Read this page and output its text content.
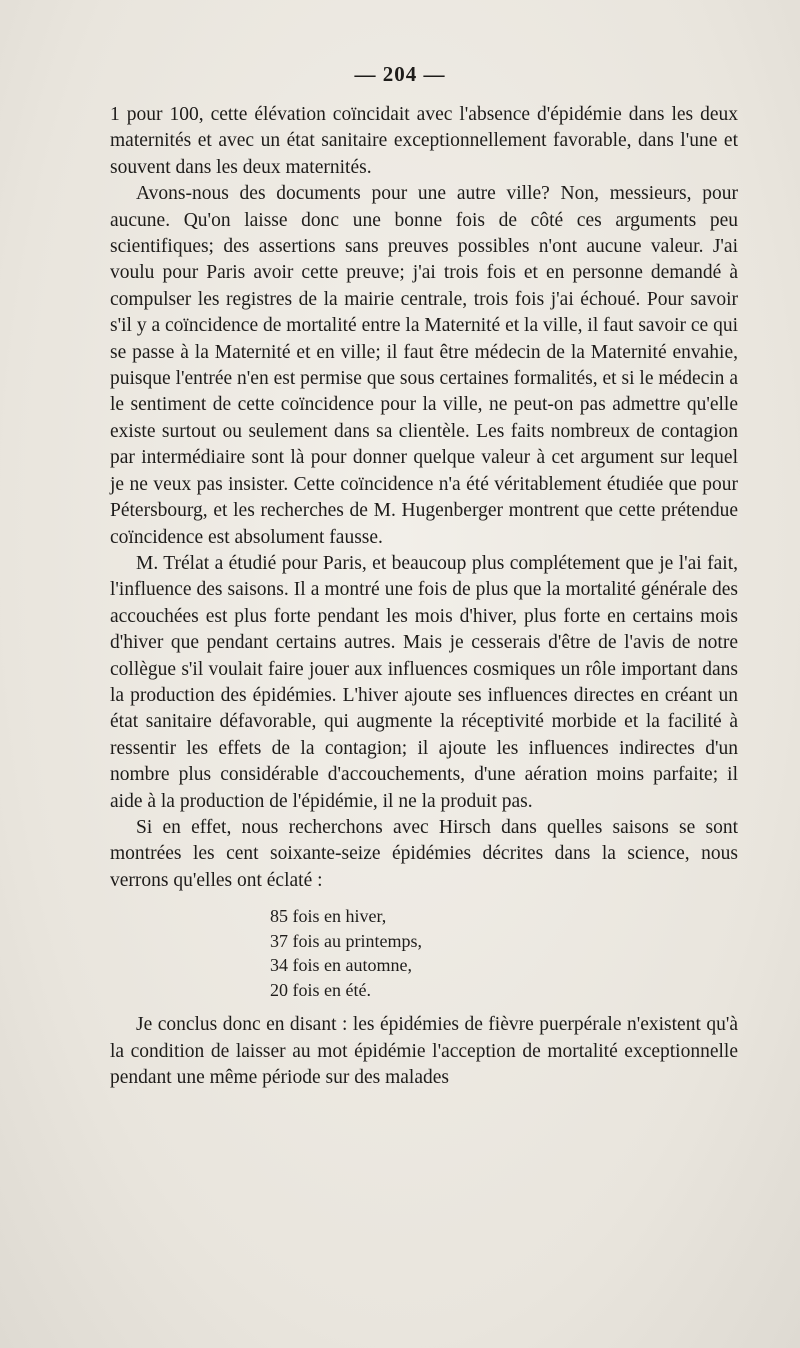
— 204 —

1 pour 100, cette élévation coïncidait avec l'absence d'épidémie dans les deux maternités et avec un état sanitaire exceptionnellement favorable, dans l'une et souvent dans les deux maternités.

Avons-nous des documents pour une autre ville? Non, messieurs, pour aucune. Qu'on laisse donc une bonne fois de côté ces arguments peu scientifiques; des assertions sans preuves possibles n'ont aucune valeur. J'ai voulu pour Paris avoir cette preuve; j'ai trois fois et en personne demandé à compulser les registres de la mairie centrale, trois fois j'ai échoué. Pour savoir s'il y a coïncidence de mortalité entre la Maternité et la ville, il faut savoir ce qui se passe à la Maternité et en ville; il faut être médecin de la Maternité envahie, puisque l'entrée n'en est permise que sous certaines formalités, et si le médecin a le sentiment de cette coïncidence pour la ville, ne peut-on pas admettre qu'elle existe surtout ou seulement dans sa clientèle. Les faits nombreux de contagion par intermédiaire sont là pour donner quelque valeur à cet argument sur lequel je ne veux pas insister. Cette coïncidence n'a été véritablement étudiée que pour Pétersbourg, et les recherches de M. Hugenberger montrent que cette prétendue coïncidence est absolument fausse.

M. Trélat a étudié pour Paris, et beaucoup plus complétement que je l'ai fait, l'influence des saisons. Il a montré une fois de plus que la mortalité générale des accouchées est plus forte pendant les mois d'hiver, plus forte en certains mois d'hiver que pendant certains autres. Mais je cesserais d'être de l'avis de notre collègue s'il voulait faire jouer aux influences cosmiques un rôle important dans la production des épidémies. L'hiver ajoute ses influences directes en créant un état sanitaire défavorable, qui augmente la réceptivité morbide et la facilité à ressentir les effets de la contagion; il ajoute les influences indirectes d'un nombre plus considérable d'accouchements, d'une aération moins parfaite; il aide à la production de l'épidémie, il ne la produit pas.

Si en effet, nous recherchons avec Hirsch dans quelles saisons se sont montrées les cent soixante-seize épidémies décrites dans la science, nous verrons qu'elles ont éclaté :

85 fois en hiver,
37 fois au printemps,
34 fois en automne,
20 fois en été.

Je conclus donc en disant : les épidémies de fièvre puerpérale n'existent qu'à la condition de laisser au mot épidémie l'acception de mortalité exceptionnelle pendant une même période sur des malades
